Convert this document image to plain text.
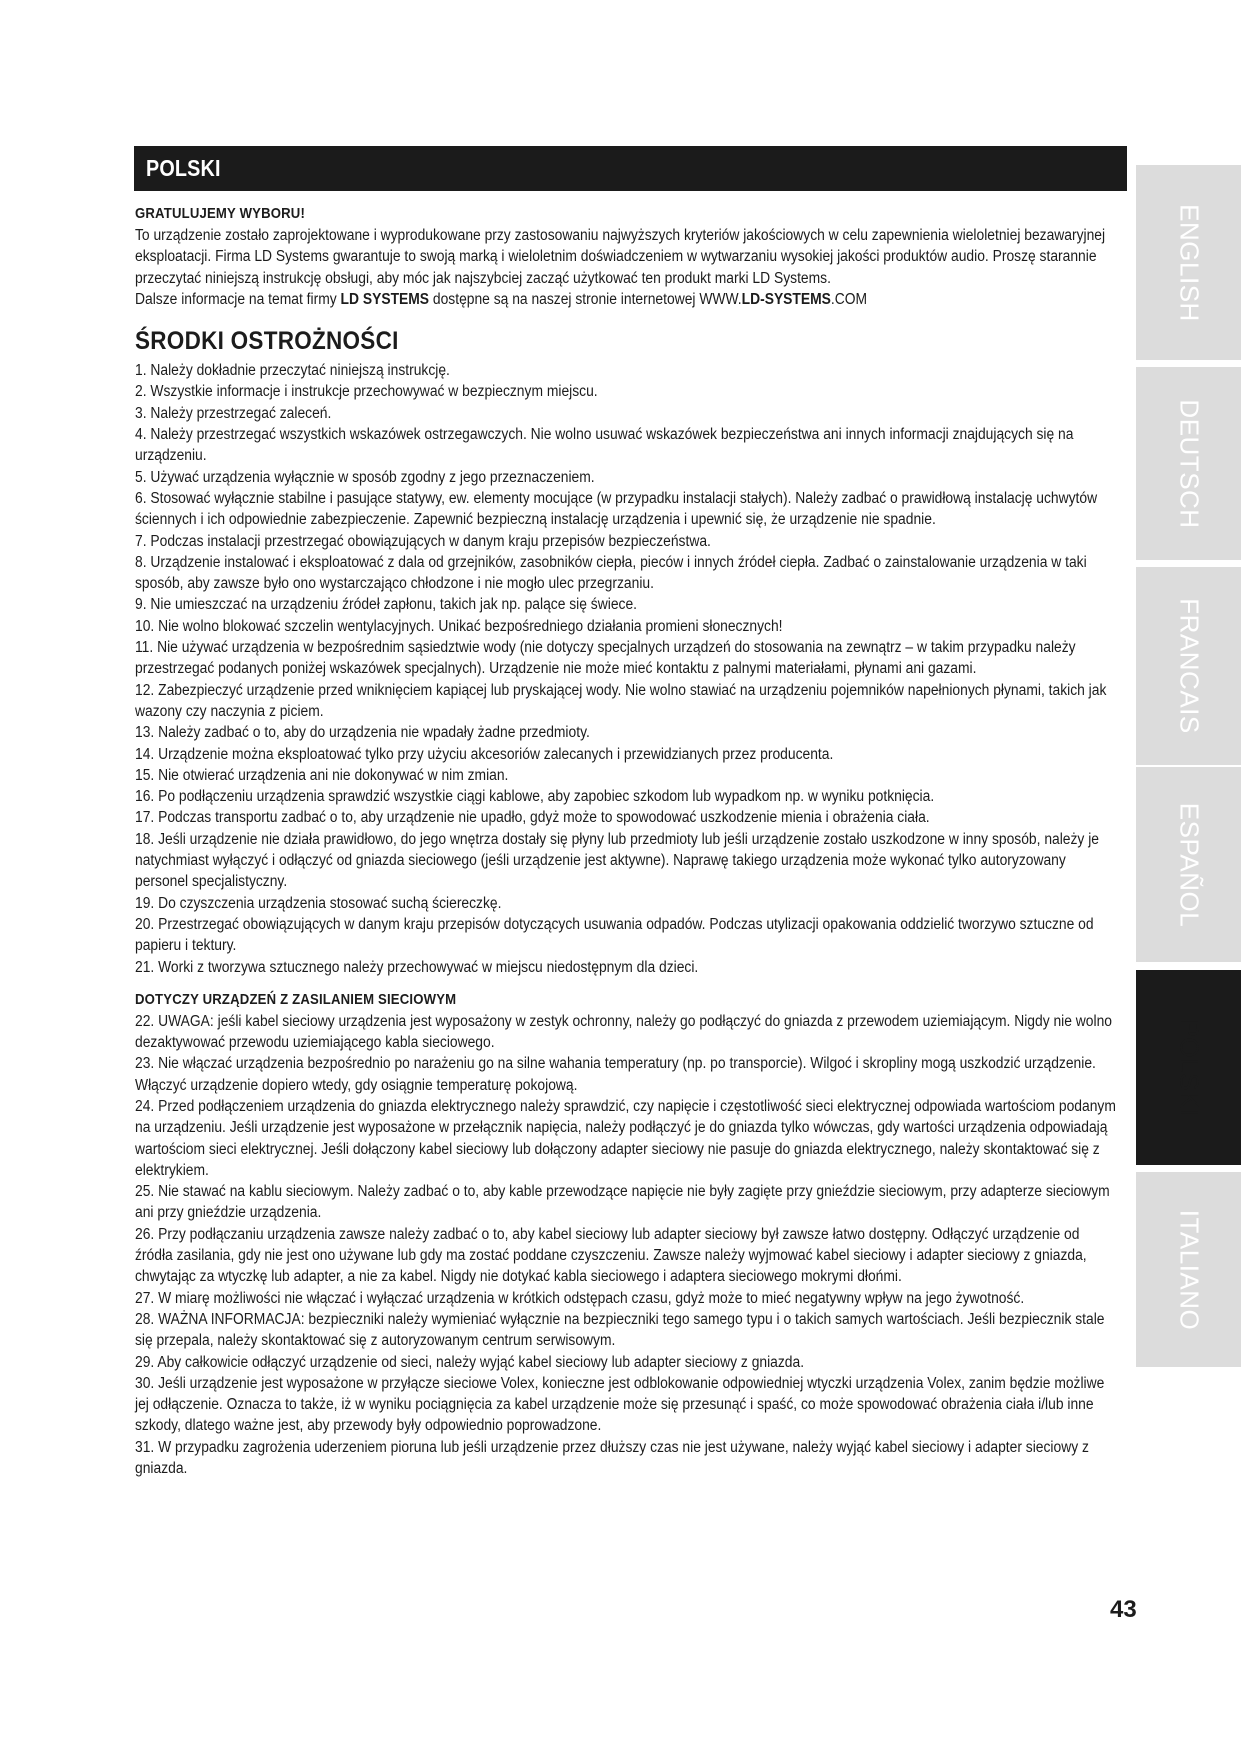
POLSKI

GRATULUJEMY WYBORU!

To urządzenie zostało zaprojektowane i wyprodukowane przy zastosowaniu najwyższych kryteriów jakościowych w celu zapewnienia wieloletniej bezawaryjnej eksploatacji. Firma LD Systems gwarantuje to swoją marką i wieloletnim doświadczeniem w wytwarzaniu wysokiej jakości produktów audio. Proszę starannie przeczytać niniejszą instrukcję obsługi, aby móc jak najszybciej zacząć użytkować ten produkt marki LD Systems.

Dalsze informacje na temat firmy LD SYSTEMS dostępne są na naszej stronie internetowej WWW.LD-SYSTEMS.COM

ŚRODKI OSTROŻNOŚCI

1. Należy dokładnie przeczytać niniejszą instrukcję.
2. Wszystkie informacje i instrukcje przechowywać w bezpiecznym miejscu.
3. Należy przestrzegać zaleceń.
4. Należy przestrzegać wszystkich wskazówek ostrzegawczych. Nie wolno usuwać wskazówek bezpieczeństwa ani innych informacji znajdujących się na urządzeniu.
5. Używać urządzenia wyłącznie w sposób zgodny z jego przeznaczeniem.
6. Stosować wyłącznie stabilne i pasujące statywy, ew. elementy mocujące (w przypadku instalacji stałych). Należy zadbać o prawidłową instalację uchwytów ściennych i ich odpowiednie zabezpieczenie. Zapewnić bezpieczną instalację urządzenia i upewnić się, że urządzenie nie spadnie.
7. Podczas instalacji przestrzegać obowiązujących w danym kraju przepisów bezpieczeństwa.
8. Urządzenie instalować i eksploatować z dala od grzejników, zasobników ciepła, pieców i innych źródeł ciepła. Zadbać o zainstalowanie urządzenia w taki sposób, aby zawsze było ono wystarczająco chłodzone i nie mogło ulec przegrzaniu.
9. Nie umieszczać na urządzeniu źródeł zapłonu, takich jak np. palące się świece.
10. Nie wolno blokować szczelin wentylacyjnych. Unikać bezpośredniego działania promieni słonecznych!
11. Nie używać urządzenia w bezpośrednim sąsiedztwie wody (nie dotyczy specjalnych urządzeń do stosowania na zewnątrz – w takim przypadku należy przestrzegać podanych poniżej wskazówek specjalnych). Urządzenie nie może mieć kontaktu z palnymi materiałami, płynami ani gazami.
12. Zabezpieczyć urządzenie przed wniknięciem kapiącej lub pryskającej wody. Nie wolno stawiać na urządzeniu pojemników napełnionych płynami, takich jak wazony czy naczynia z piciem.
13. Należy zadbać o to, aby do urządzenia nie wpadały żadne przedmioty.
14. Urządzenie można eksploatować tylko przy użyciu akcesoriów zalecanych i przewidzianych przez producenta.
15. Nie otwierać urządzenia ani nie dokonywać w nim zmian.
16. Po podłączeniu urządzenia sprawdzić wszystkie ciągi kablowe, aby zapobiec szkodom lub wypadkom np. w wyniku potknięcia.
17. Podczas transportu zadbać o to, aby urządzenie nie upadło, gdyż może to spowodować uszkodzenie mienia i obrażenia ciała.
18. Jeśli urządzenie nie działa prawidłowo, do jego wnętrza dostały się płyny lub przedmioty lub jeśli urządzenie zostało uszkodzone w inny sposób, należy je natychmiast wyłączyć i odłączyć od gniazda sieciowego (jeśli urządzenie jest aktywne). Naprawę takiego urządzenia może wykonać tylko autoryzowany personel specjalistyczny.
19. Do czyszczenia urządzenia stosować suchą ściereczkę.
20. Przestrzegać obowiązujących w danym kraju przepisów dotyczących usuwania odpadów. Podczas utylizacji opakowania oddzielić tworzywo sztuczne od papieru i tektury.
21. Worki z tworzywa sztucznego należy przechowywać w miejscu niedostępnym dla dzieci.

DOTYCZY URZĄDZEŃ Z ZASILANIEM SIECIOWYM

22. UWAGA: jeśli kabel sieciowy urządzenia jest wyposażony w zestyk ochronny, należy go podłączyć do gniazda z przewodem uziemiającym. Nigdy nie wolno dezaktywować przewodu uziemiającego kabla sieciowego.
23. Nie włączać urządzenia bezpośrednio po narażeniu go na silne wahania temperatury (np. po transporcie). Wilgoć i skropliny mogą uszkodzić urządzenie. Włączyć urządzenie dopiero wtedy, gdy osiągnie temperaturę pokojową.
24. Przed podłączeniem urządzenia do gniazda elektrycznego należy sprawdzić, czy napięcie i częstotliwość sieci elektrycznej odpowiada wartościom podanym na urządzeniu. Jeśli urządzenie jest wyposażone w przełącznik napięcia, należy podłączyć je do gniazda tylko wówczas, gdy wartości urządzenia odpowiadają wartościom sieci elektrycznej. Jeśli dołączony kabel sieciowy lub dołączony adapter sieciowy nie pasuje do gniazda elektrycznego, należy skontaktować się z elektrykiem.
25. Nie stawać na kablu sieciowym. Należy zadbać o to, aby kable przewodzące napięcie nie były zagięte przy gnieździe sieciowym, przy adapterze sieciowym ani przy gnieździe urządzenia.
26. Przy podłączaniu urządzenia zawsze należy zadbać o to, aby kabel sieciowy lub adapter sieciowy był zawsze łatwo dostępny. Odłączyć urządzenie od źródła zasilania, gdy nie jest ono używane lub gdy ma zostać poddane czyszczeniu. Zawsze należy wyjmować kabel sieciowy i adapter sieciowy z gniazda, chwytając za wtyczkę lub adapter, a nie za kabel. Nigdy nie dotykać kabla sieciowego i adaptera sieciowego mokrymi dłońmi.
27. W miarę możliwości nie włączać i wyłączać urządzenia w krótkich odstępach czasu, gdyż może to mieć negatywny wpływ na jego żywotność.
28. WAŻNA INFORMACJA: bezpieczniki należy wymieniać wyłącznie na bezpieczniki tego samego typu i o takich samych wartościach. Jeśli bezpiecznik stale się przepala, należy skontaktować się z autoryzowanym centrum serwisowym.
29. Aby całkowicie odłączyć urządzenie od sieci, należy wyjąć kabel sieciowy lub adapter sieciowy z gniazda.
30. Jeśli urządzenie jest wyposażone w przyłącze sieciowe Volex, konieczne jest odblokowanie odpowiedniej wtyczki urządzenia Volex, zanim będzie możliwe jej odłączenie. Oznacza to także, iż w wyniku pociągnięcia za kabel urządzenie może się przesunąć i spaść, co może spowodować obrażenia ciała i/lub inne szkody, dlatego ważne jest, aby przewody były odpowiednio poprowadzone.
31. W przypadku zagrożenia uderzeniem pioruna lub jeśli urządzenie przez dłuższy czas nie jest używane, należy wyjąć kabel sieciowy i adapter sieciowy z gniazda.
ENGLISH
DEUTSCH
FRANCAIS
ESPAÑOL
POLSKI
ITALIANO
43
